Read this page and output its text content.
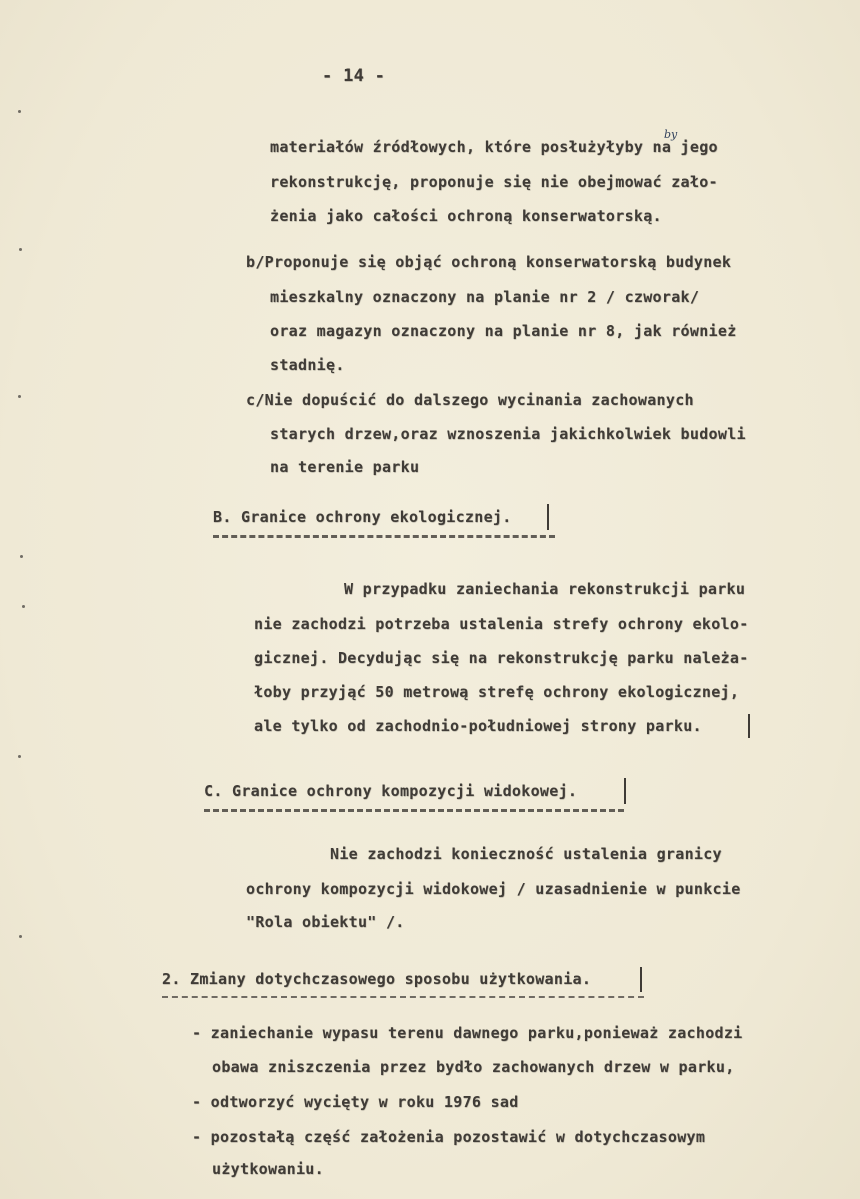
- 14 -
by
materiałów źródłowych, które posłużyłyby na jego
rekonstrukcję, proponuje się nie obejmować zało-
żenia jako całości ochroną konserwatorską.
b/Proponuje się objąć ochroną konserwatorską budynek
mieszkalny oznaczony na planie nr 2 / czworak/
oraz magazyn oznaczony na planie nr 8, jak również
stadnię.
c/Nie dopuścić do dalszego wycinania zachowanych
starych drzew,oraz wznoszenia jakichkolwiek budowli
na terenie parku
B. Granice ochrony ekologicznej.
W przypadku zaniechania rekonstrukcji parku
nie zachodzi potrzeba ustalenia strefy ochrony ekolo-
gicznej. Decydując się na rekonstrukcję parku należa-
łoby przyjąć 50 metrową strefę ochrony ekologicznej,
ale tylko od zachodnio-południowej strony parku.
C. Granice ochrony kompozycji widokowej.
Nie zachodzi konieczność ustalenia granicy
ochrony kompozycji widokowej / uzasadnienie w punkcie
"Rola obiektu" /.
2. Zmiany dotychczasowego sposobu użytkowania.
- zaniechanie wypasu terenu dawnego parku,ponieważ zachodzi
obawa zniszczenia przez bydło zachowanych drzew w parku,
- odtworzyć wycięty w roku 1976 sad
- pozostałą część założenia pozostawić w dotychczasowym
użytkowaniu.
